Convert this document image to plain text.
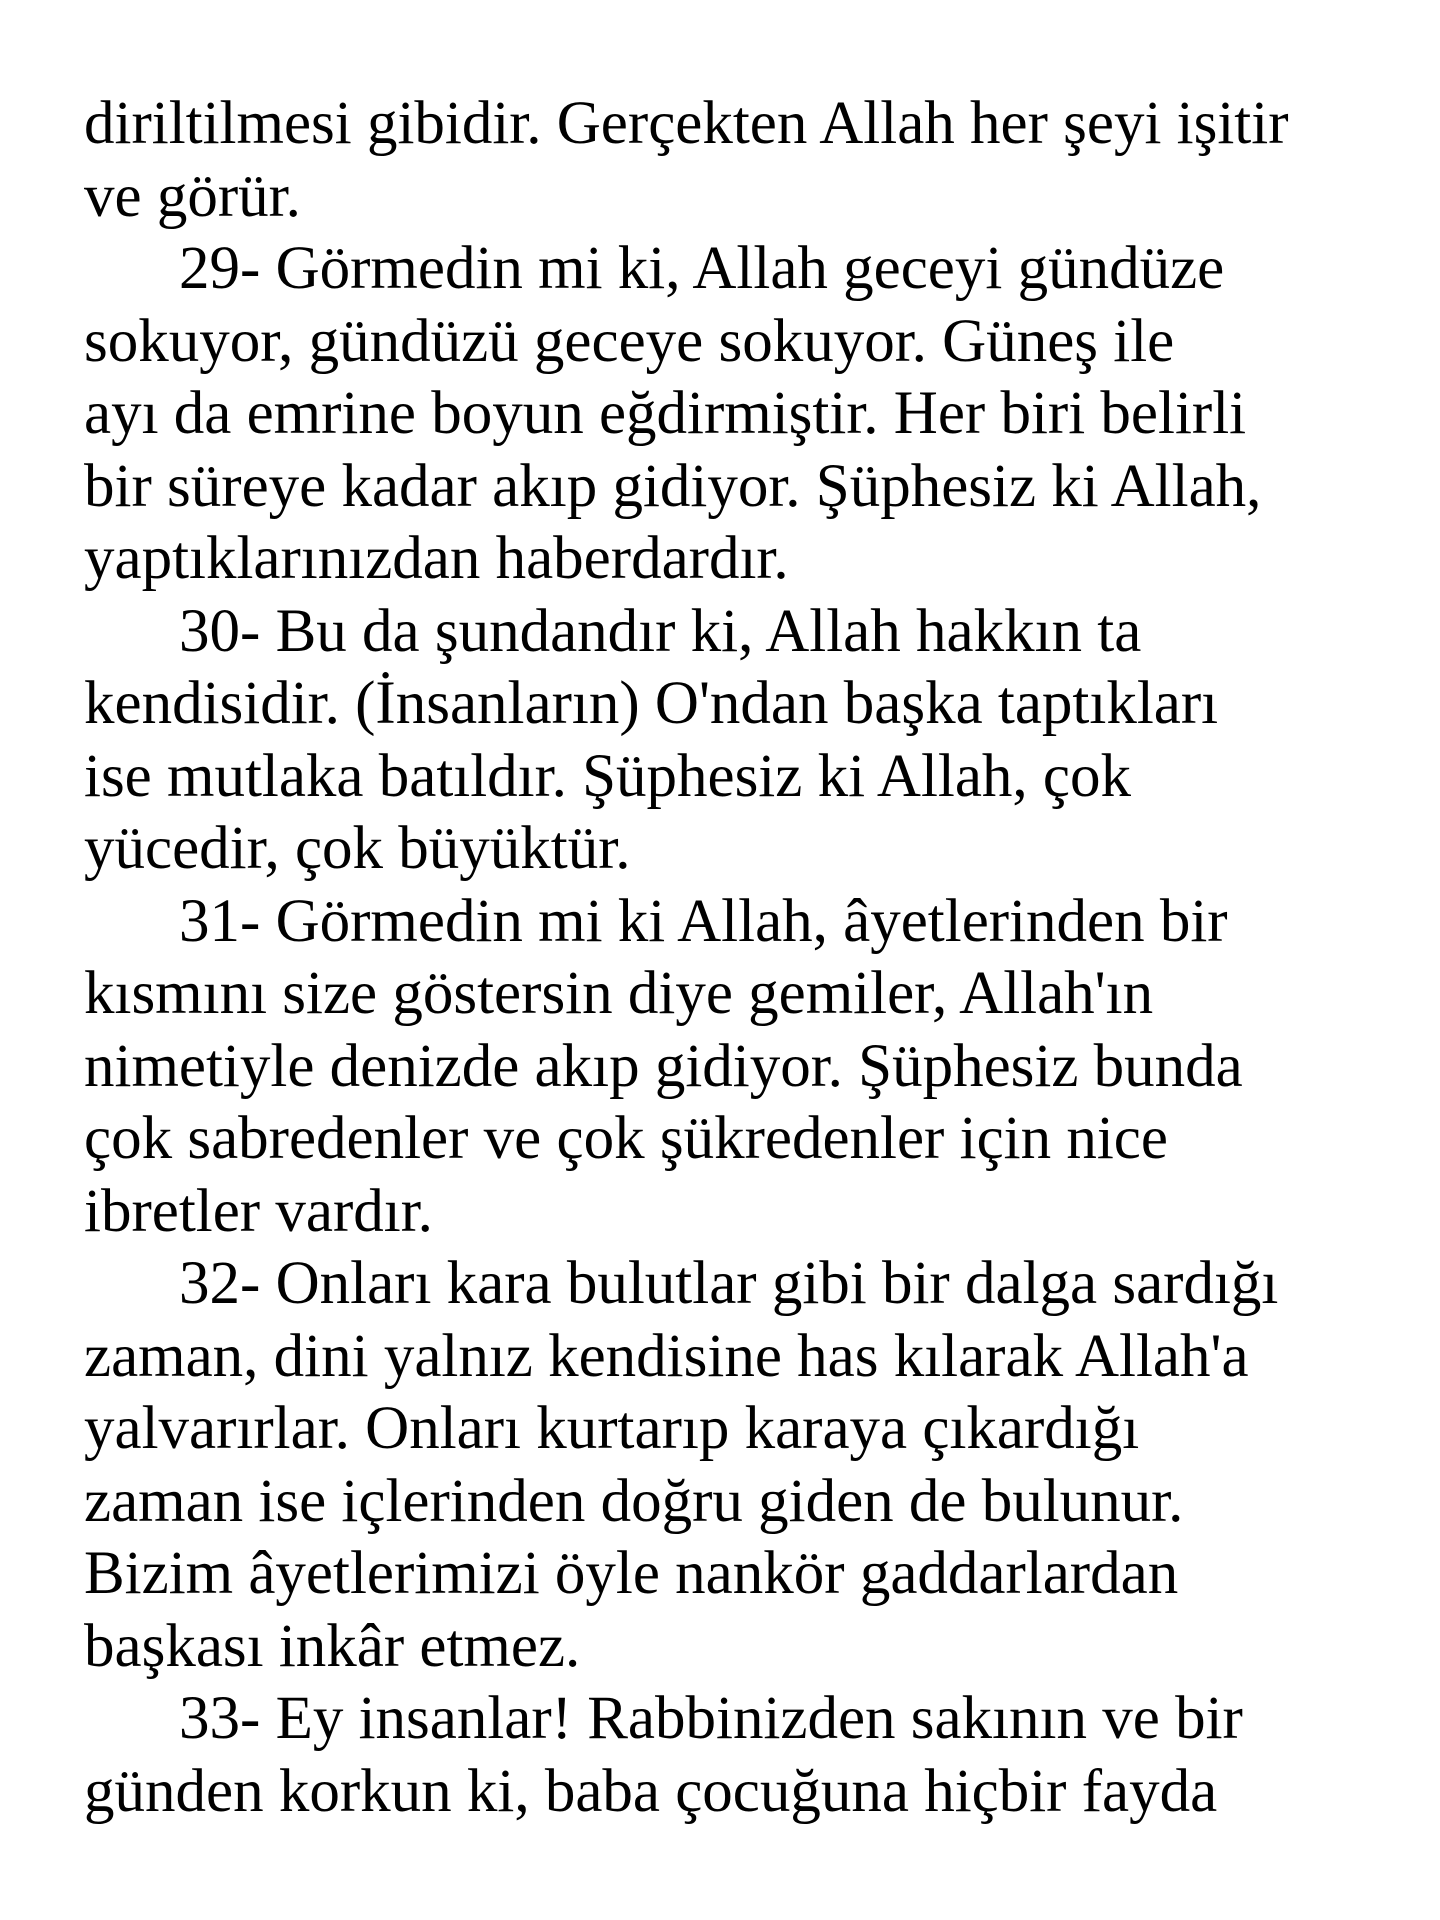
diriltilmesi gibidir. Gerçekten Allah her şeyi işitir
ve görür.
29- Görmedin mi ki, Allah geceyi gündüze
sokuyor, gündüzü geceye sokuyor. Güneş ile
ayı da emrine boyun eğdirmiştir. Her biri belirli
bir süreye kadar akıp gidiyor. Şüphesiz ki Allah,
yaptıklarınızdan haberdardır.
30- Bu da şundandır ki, Allah hakkın ta
kendisidir. (İnsanların) O'ndan başka taptıkları
ise mutlaka batıldır. Şüphesiz ki Allah, çok
yücedir, çok büyüktür.
31- Görmedin mi ki Allah, âyetlerinden bir
kısmını size göstersin diye gemiler, Allah'ın
nimetiyle denizde akıp gidiyor. Şüphesiz bunda
çok sabredenler ve çok şükredenler için nice
ibretler vardır.
32- Onları kara bulutlar gibi bir dalga sardığı
zaman, dini yalnız kendisine has kılarak Allah'a
yalvarırlar. Onları kurtarıp karaya çıkardığı
zaman ise içlerinden doğru giden de bulunur.
Bizim âyetlerimizi öyle nankör gaddarlardan
başkası inkâr etmez.
33- Ey insanlar! Rabbinizden sakının ve bir
günden korkun ki, baba çocuğuna hiçbir fayda
